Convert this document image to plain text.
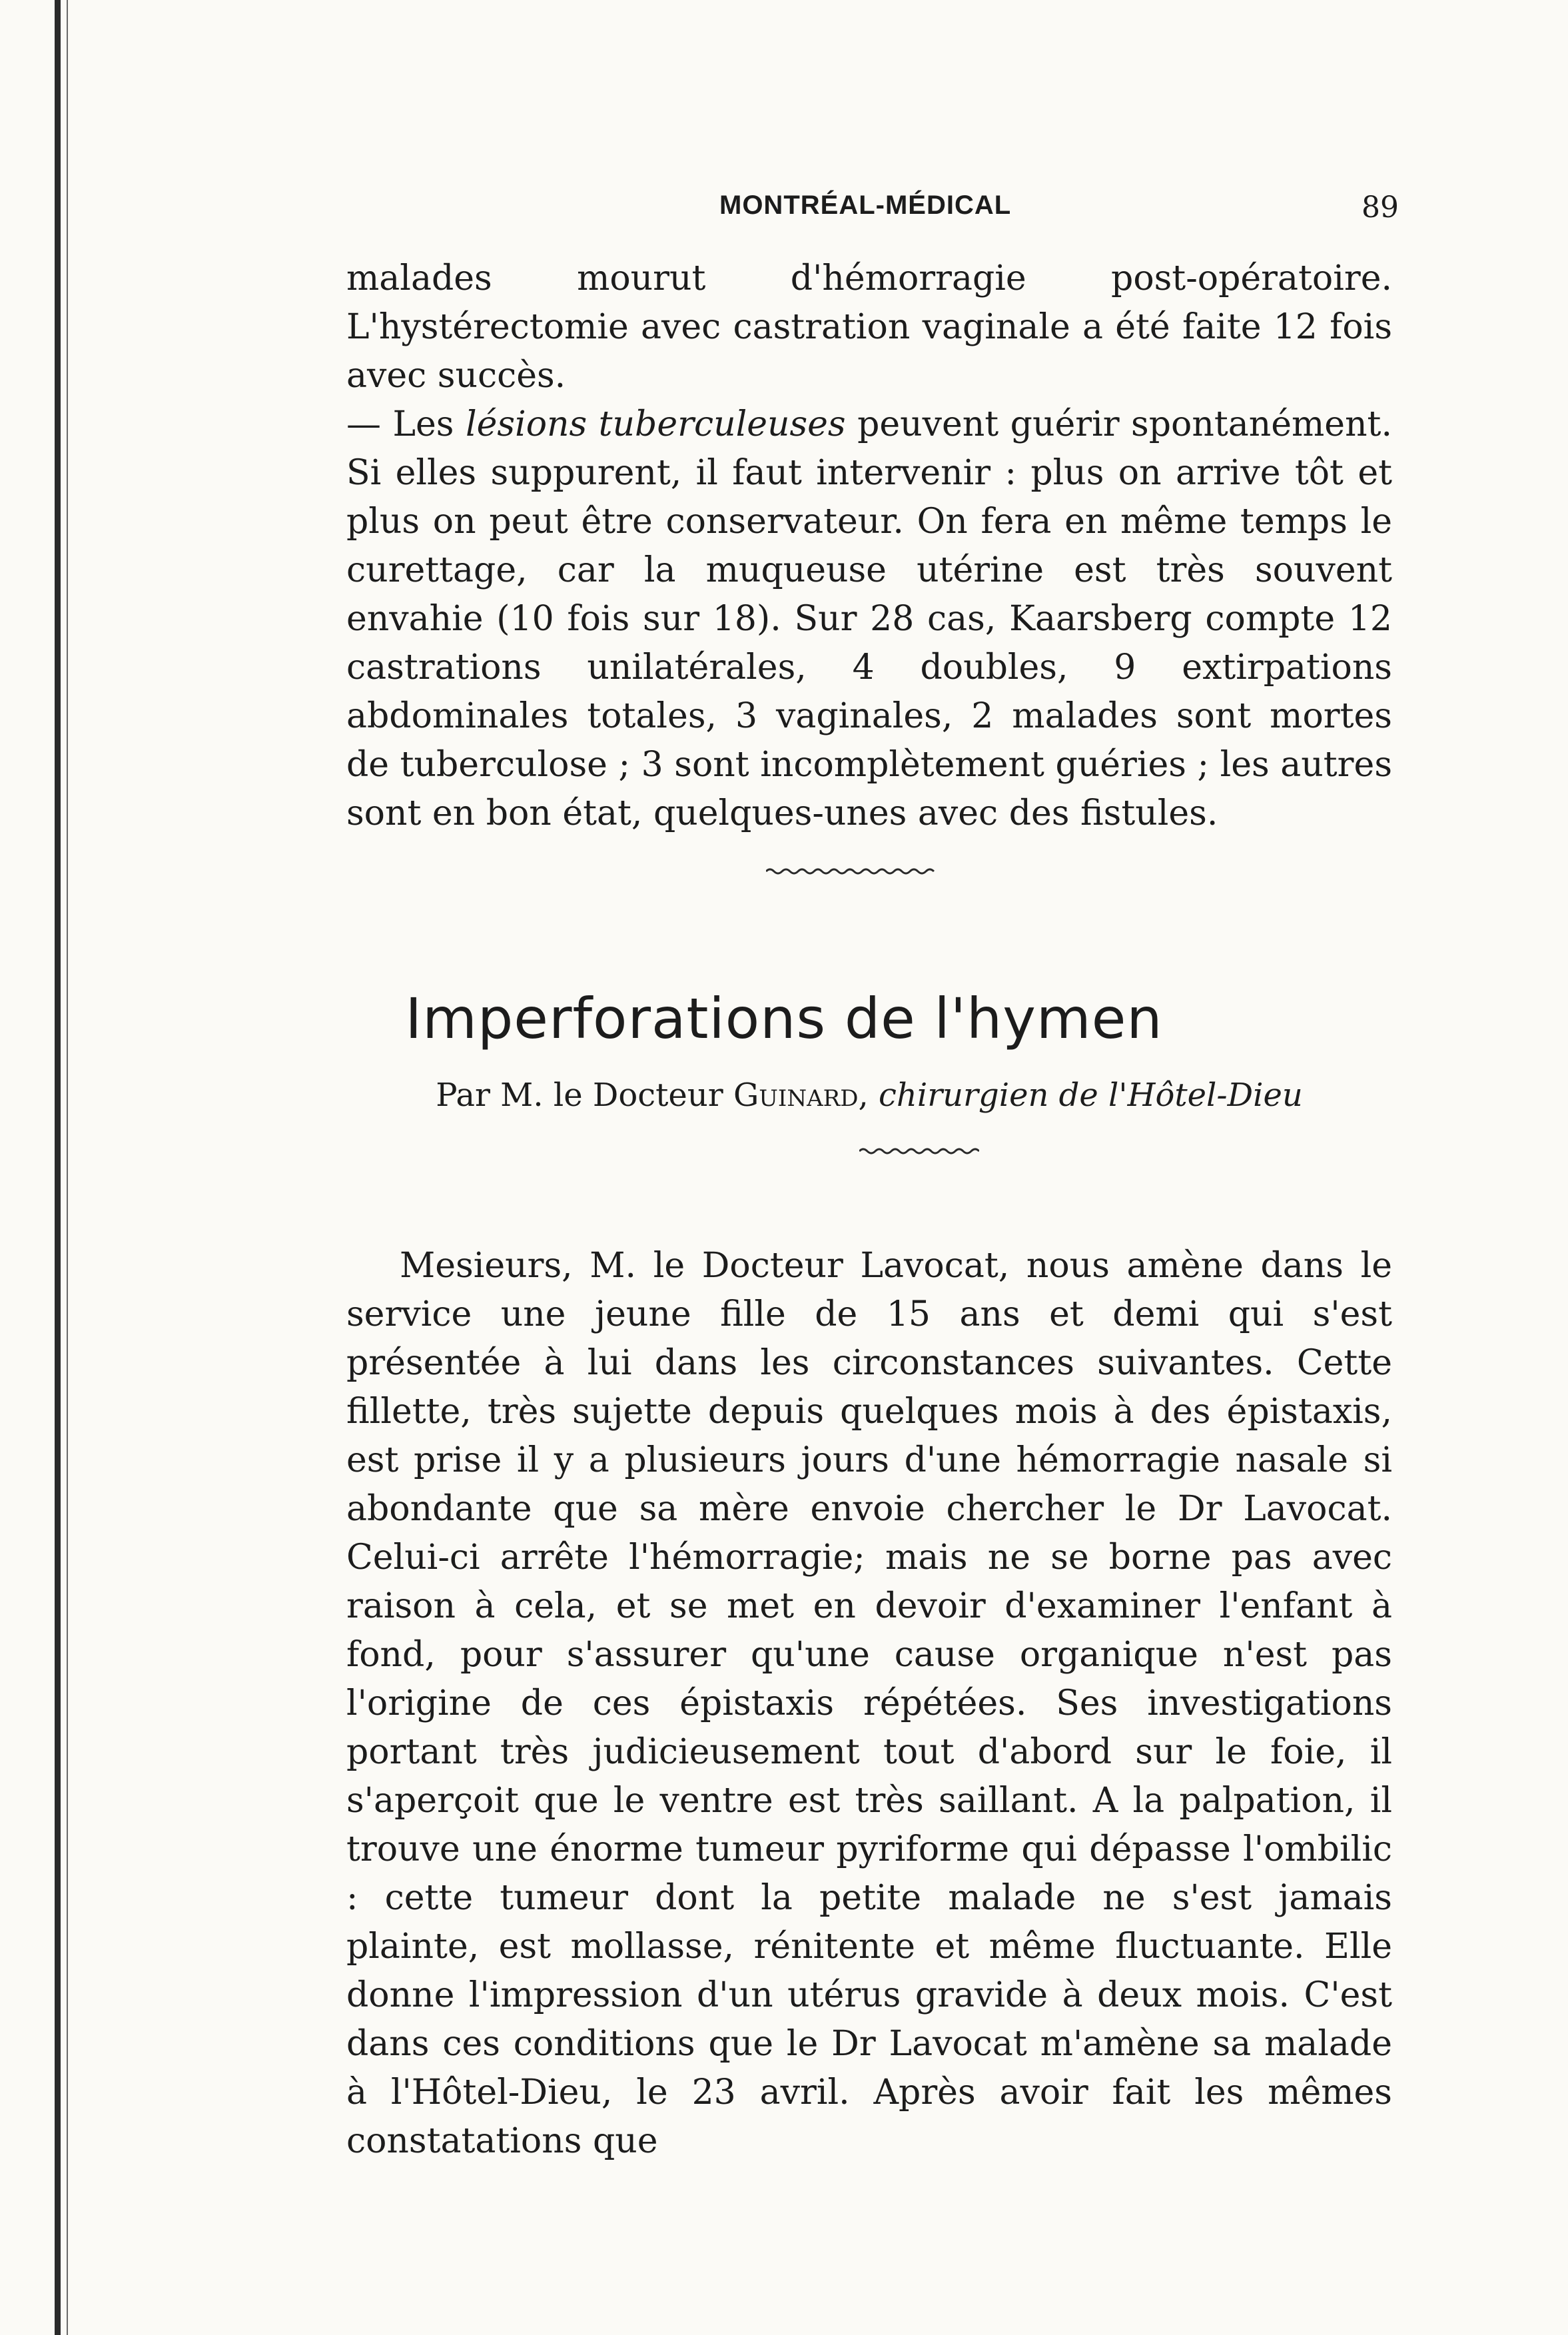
MONTRÉAL-MÉDICAL	89
malades mourut d'hémorragie post-opératoire. L'hystérectomie avec castration vaginale a été faite 12 fois avec succès.
— Les lésions tuberculeuses peuvent guérir spontanément. Si elles suppurent, il faut intervenir : plus on arrive tôt et plus on peut être conservateur. On fera en même temps le curettage, car la muqueuse utérine est très souvent envahie (10 fois sur 18). Sur 28 cas, Kaarsberg compte 12 castrations unilatérales, 4 doubles, 9 extirpations abdominales totales, 3 vaginales, 2 malades sont mortes de tuberculose ; 3 sont incomplètement guéries ; les autres sont en bon état, quelques-unes avec des fistules.
Imperforations de l'hymen
Par M. le Docteur Guinard, chirurgien de l'Hôtel-Dieu
Mesieurs, M. le Docteur Lavocat, nous amène dans le service une jeune fille de 15 ans et demi qui s'est présentée à lui dans les circonstances suivantes. Cette fillette, très sujette depuis quelques mois à des épistaxis, est prise il y a plusieurs jours d'une hémorragie nasale si abondante que sa mère envoie chercher le Dr Lavocat. Celui-ci arrête l'hémorragie; mais ne se borne pas avec raison à cela, et se met en devoir d'examiner l'enfant à fond, pour s'assurer qu'une cause organique n'est pas l'origine de ces épistaxis répétées. Ses investigations portant très judicieusement tout d'abord sur le foie, il s'aperçoit que le ventre est très saillant. A la palpation, il trouve une énorme tumeur pyriforme qui dépasse l'ombilic : cette tumeur dont la petite malade ne s'est jamais plainte, est mollasse, rénitente et même fluctuante. Elle donne l'impression d'un utérus gravide à deux mois. C'est dans ces conditions que le Dr Lavocat m'amène sa malade à l'Hôtel-Dieu, le 23 avril. Après avoir fait les mêmes constatations que
